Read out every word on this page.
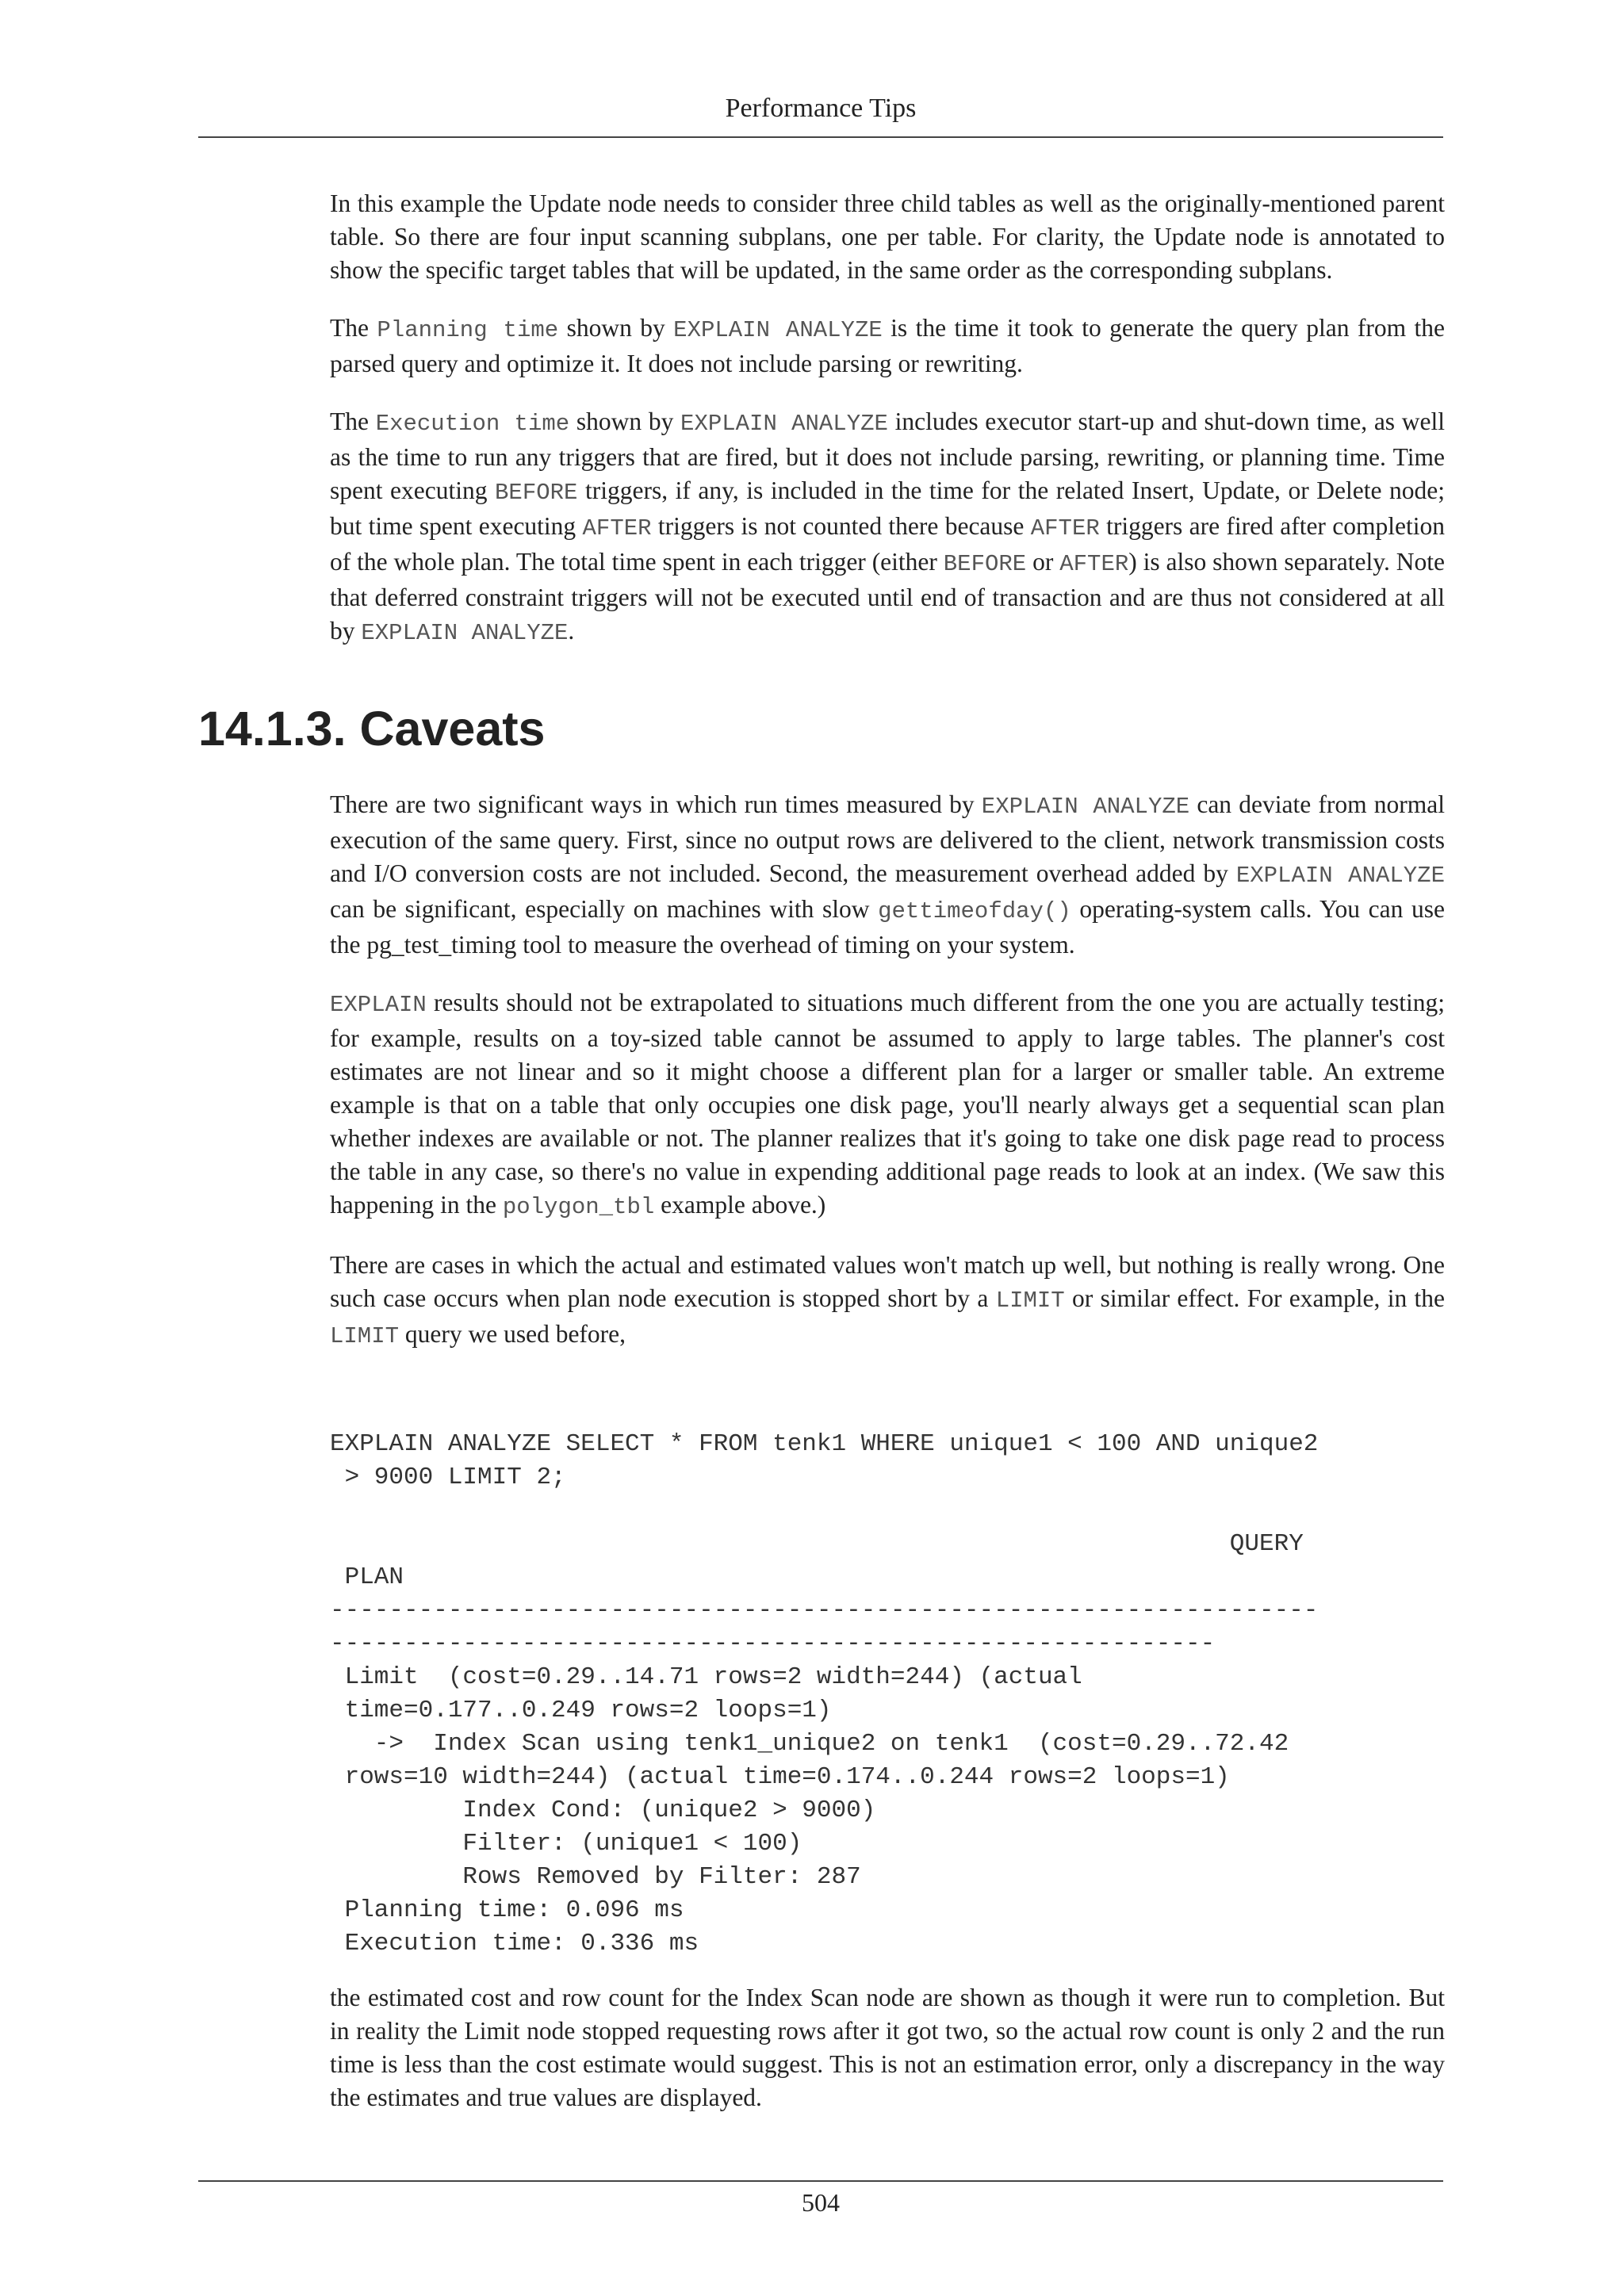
Performance Tips

In this example the Update node needs to consider three child tables as well as the originally-mentioned parent table. So there are four input scanning subplans, one per table. For clarity, the Update node is annotated to show the specific target tables that will be updated, in the same order as the corresponding subplans.

The Planning time shown by EXPLAIN ANALYZE is the time it took to generate the query plan from the parsed query and optimize it. It does not include parsing or rewriting.

The Execution time shown by EXPLAIN ANALYZE includes executor start-up and shut-down time, as well as the time to run any triggers that are fired, but it does not include parsing, rewriting, or planning time. Time spent executing BEFORE triggers, if any, is included in the time for the related Insert, Update, or Delete node; but time spent executing AFTER triggers is not counted there because AFTER triggers are fired after completion of the whole plan. The total time spent in each trigger (either BEFORE or AFTER) is also shown separately. Note that deferred constraint triggers will not be executed until end of transaction and are thus not considered at all by EXPLAIN ANALYZE.

14.1.3. Caveats

There are two significant ways in which run times measured by EXPLAIN ANALYZE can deviate from normal execution of the same query. First, since no output rows are delivered to the client, network transmission costs and I/O conversion costs are not included. Second, the measurement overhead added by EXPLAIN ANALYZE can be significant, especially on machines with slow gettimeofday() operating-system calls. You can use the pg_test_timing tool to measure the overhead of timing on your system.

EXPLAIN results should not be extrapolated to situations much different from the one you are actually testing; for example, results on a toy-sized table cannot be assumed to apply to large tables. The planner's cost estimates are not linear and so it might choose a different plan for a larger or smaller table. An extreme example is that on a table that only occupies one disk page, you'll nearly always get a sequential scan plan whether indexes are available or not. The planner realizes that it's going to take one disk page read to process the table in any case, so there's no value in expending additional page reads to look at an index. (We saw this happening in the polygon_tbl example above.)

There are cases in which the actual and estimated values won't match up well, but nothing is really wrong. One such case occurs when plan node execution is stopped short by a LIMIT or similar effect. For example, in the LIMIT query we used before,

EXPLAIN ANALYZE SELECT * FROM tenk1 WHERE unique1 < 100 AND unique2
> 9000 LIMIT 2;

QUERY
PLAN
-------------------------------------------------------------------
------------------------------------------------------------
Limit  (cost=0.29..14.71 rows=2 width=244) (actual
time=0.177..0.249 rows=2 loops=1)
->  Index Scan using tenk1_unique2 on tenk1  (cost=0.29..72.42
rows=10 width=244) (actual time=0.174..0.244 rows=2 loops=1)
Index Cond: (unique2 > 9000)
Filter: (unique1 < 100)
Rows Removed by Filter: 287
Planning time: 0.096 ms
Execution time: 0.336 ms

the estimated cost and row count for the Index Scan node are shown as though it were run to completion. But in reality the Limit node stopped requesting rows after it got two, so the actual row count is only 2 and the run time is less than the cost estimate would suggest. This is not an estimation error, only a discrepancy in the way the estimates and true values are displayed.

504
